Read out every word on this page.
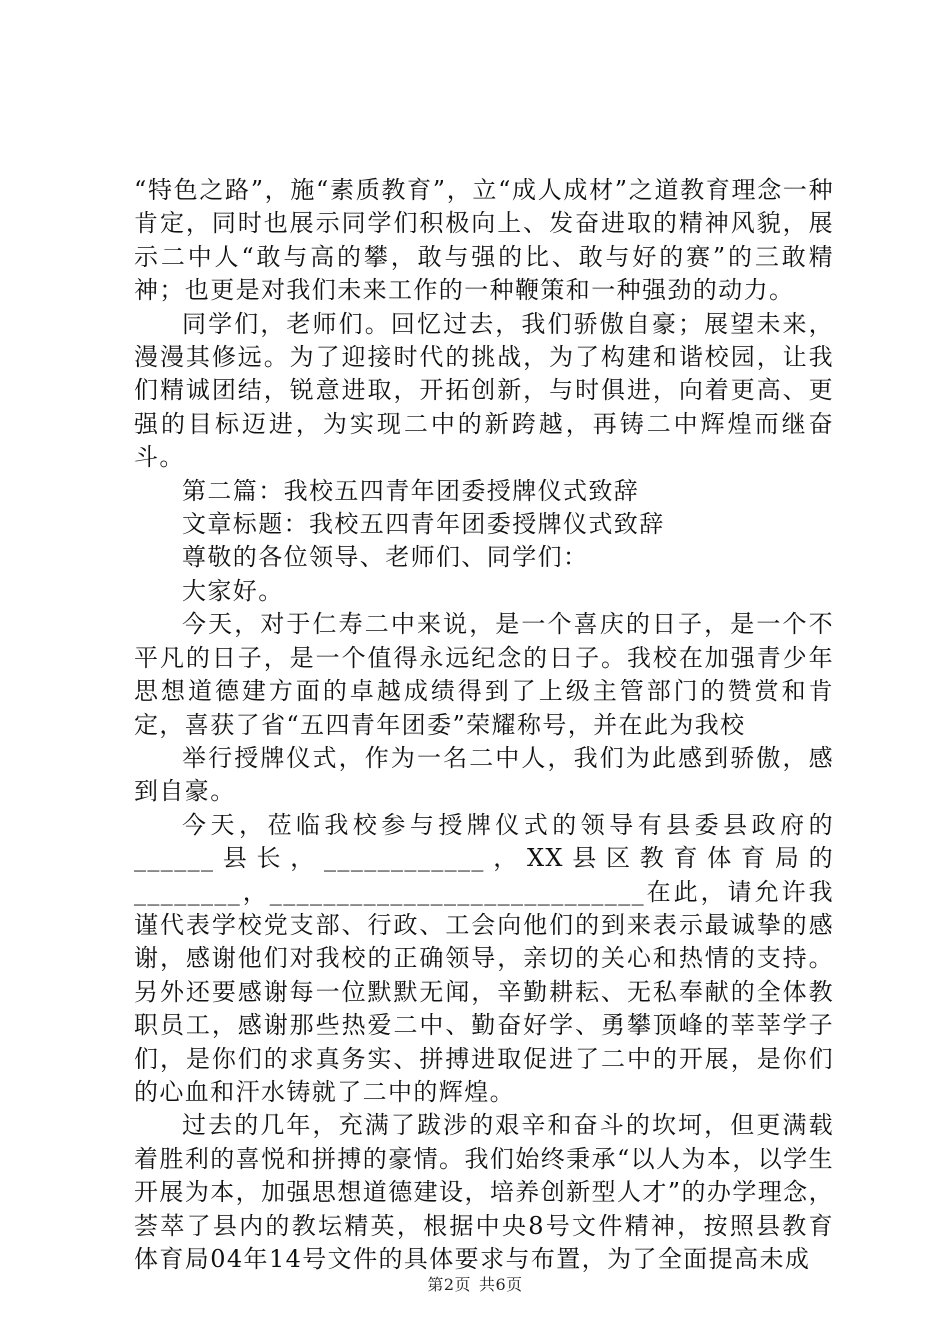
“特色之路”，施“素质教育”，立“成人成材”之道教育理念一种肯定，同时也展示同学们积极向上、发奋进取的精神风貌，展示二中人“敢与高的攀，敢与强的比、敢与好的赛”的三敢精神；也更是对我们未来工作的一种鞭策和一种强劲的动力。

同学们，老师们。回忆过去，我们骄傲自豪；展望未来，漫漫其修远。为了迎接时代的挑战，为了构建和谐校园，让我们精诚团结，锐意进取，开拓创新，与时俱进，向着更高、更强的目标迈进，为实现二中的新跨越，再铸二中辉煌而继奋斗。

第二篇：我校五四青年团委授牌仪式致辞

文章标题：我校五四青年团委授牌仪式致辞

尊敬的各位领导、老师们、同学们：

大家好。

今天，对于仁寿二中来说，是一个喜庆的日子，是一个不平凡的日子，是一个值得永远纪念的日子。我校在加强青少年思想道德建方面的卓越成绩得到了上级主管部门的赞赏和肯定，喜获了省“五四青年团委”荣耀称号，并在此为我校

举行授牌仪式，作为一名二中人，我们为此感到骄傲，感到自豪。

今天，莅临我校参与授牌仪式的领导有县委县政府的______县长，____________，XX县区教育体育局的________，____________________________在此，请允许我谨代表学校党支部、行政、工会向他们的到来表示最诚挚的感谢，感谢他们对我校的正确领导，亲切的关心和热情的支持。另外还要感谢每一位默默无闻，辛勤耕耘、无私奉献的全体教职员工，感谢那些热爱二中、勤奋好学、勇攀顶峰的莘莘学子们，是你们的求真务实、拼搏进取促进了二中的开展，是你们的心血和汗水铸就了二中的辉煌。

过去的几年，充满了跋涉的艰辛和奋斗的坎坷，但更满载着胜利的喜悦和拼搏的豪情。我们始终秉承“以人为本，以学生开展为本，加强思想道德建设，培养创新型人才”的办学理念，荟萃了县内的教坛精英，根据中央8号文件精神，按照县教育体育局04年14号文件的具体要求与布置，为了全面提高未成

第2页 共6页
